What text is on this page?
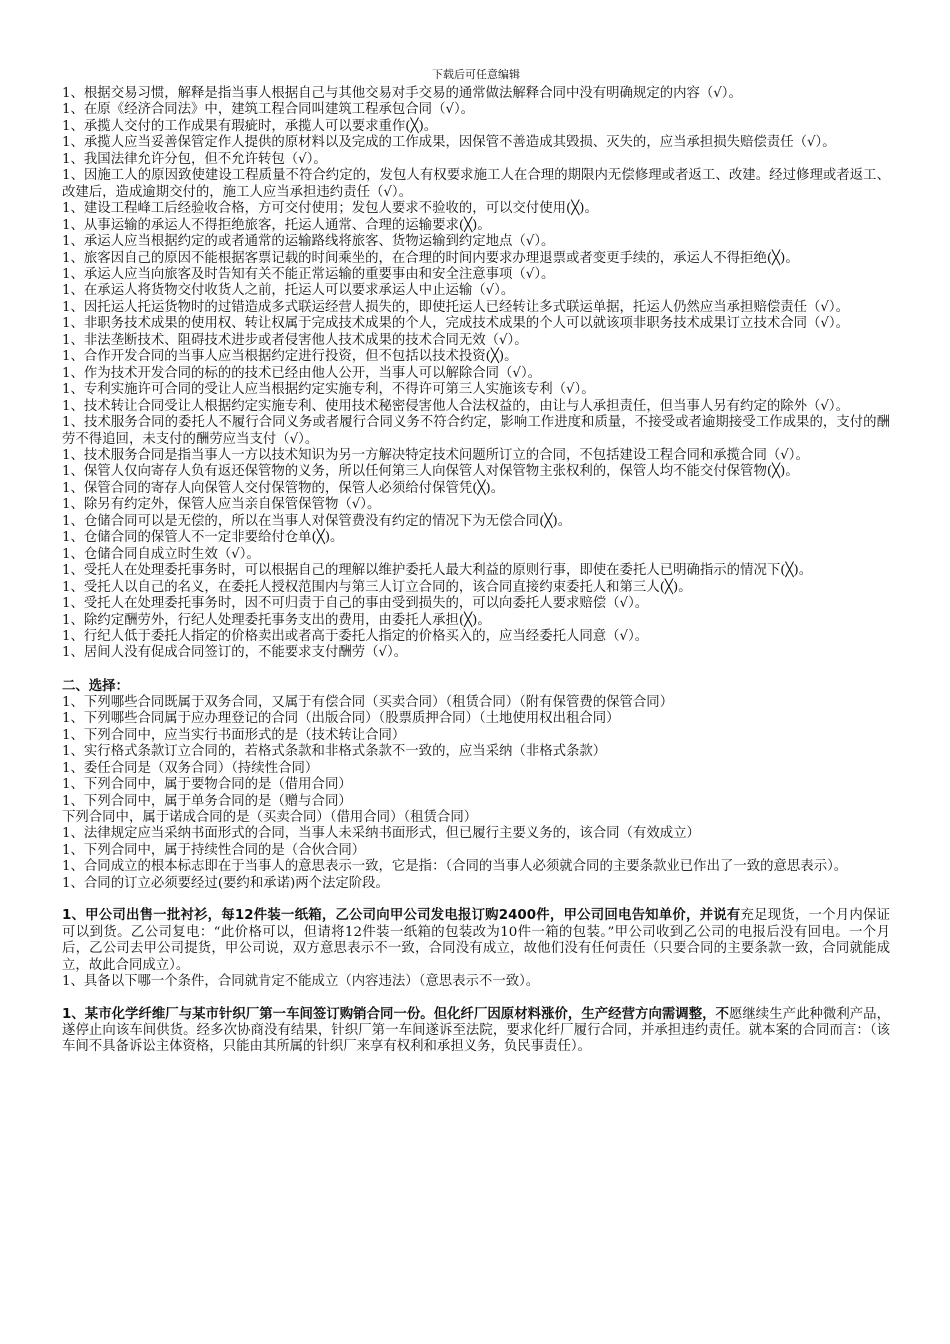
下载后可任意编辑

1、根据交易习惯，解释是指当事人根据自己与其他交易对手交易的通常做法解释合同中没有明确规定的内容（√）。

1、在原《经济合同法》中，建筑工程合同叫建筑工程承包合同（√）。

1、承揽人交付的工作成果有瑕疵时，承揽人可以要求重作(╳)。

1、承揽人应当妥善保管定作人提供的原材料以及完成的工作成果，因保管不善造成其毁损、灭失的，应当承担损失赔偿责任（√）。

1、我国法律允许分包，但不允许转包（√）。

1、因施工人的原因致使建设工程质量不符合约定的，发包人有权要求施工人在合理的期限内无偿修理或者返工、改建。经过修理或者返工、改建后，造成逾期交付的，施工人应当承担违约责任（√）。

1、建设工程峰工后经验收合格，方可交付使用；发包人要求不验收的，可以交付使用(╳)。

1、从事运输的承运人不得拒绝旅客，托运人通常、合理的运输要求(╳)。

1、承运人应当根据约定的或者通常的运输路线将旅客、货物运输到约定地点（√）。

1、旅客因自己的原因不能根据客票记载的时间乘坐的，在合理的时间内要求办理退票或者变更手续的，承运人不得拒绝(╳)。

1、承运人应当向旅客及时告知有关不能正常运输的重要事由和安全注意事项（√）。

1、在承运人将货物交付收货人之前，托运人可以要求承运人中止运输（√）。

1、因托运人托运货物时的过错造成多式联运经营人损失的，即使托运人已经转让多式联运单据，托运人仍然应当承担赔偿责任（√）。

1、非职务技术成果的使用权、转让权属于完成技术成果的个人，完成技术成果的个人可以就该项非职务技术成果订立技术合同（√）。

1、非法垄断技术、阻碍技术进步或者侵害他人技术成果的技术合同无效（√）。

1、合作开发合同的当事人应当根据约定进行投资，但不包括以技术投资(╳)。

1、作为技术开发合同的标的的技术已经由他人公开，当事人可以解除合同（√）。

1、专利实施许可合同的受让人应当根据约定实施专利，不得许可第三人实施该专利（√）。

1、技术转让合同受让人根据约定实施专利、使用技术秘密侵害他人合法权益的，由让与人承担责任，但当事人另有约定的除外（√）。

1、技术服务合同的委托人不履行合同义务或者履行合同义务不符合约定，影响工作进度和质量，不接受或者逾期接受工作成果的，支付的酬劳不得追回，未支付的酬劳应当支付（√）。

1、技术服务合同是指当事人一方以技术知识为另一方解决特定技术问题所订立的合同，不包括建设工程合同和承揽合同（√）。

1、保管人仅向寄存人负有返还保管物的义务，所以任何第三人向保管人对保管物主张权利的，保管人均不能交付保管物(╳)。

1、保管合同的寄存人向保管人交付保管物的，保管人必须给付保管凭(╳)。

1、除另有约定外，保管人应当亲自保管保管物（√）。

1、仓储合同可以是无偿的，所以在当事人对保管费没有约定的情况下为无偿合同(╳)。

1、仓储合同的保管人不一定非要给付仓单(╳)。

1、仓储合同自成立时生效（√）。

1、受托人在处理委托事务时，可以根据自己的理解以维护委托人最大利益的原则行事，即使在委托人已明确指示的情况下(╳)。

1、受托人以自己的名义，在委托人授权范围内与第三人订立合同的，该合同直接约束委托人和第三人(╳)。

1、受托人在处理委托事务时，因不可归责于自己的事由受到损失的，可以向委托人要求赔偿（√）。

1、除约定酬劳外，行纪人处理委托事务支出的费用，由委托人承担(╳)。

1、行纪人低于委托人指定的价格卖出或者高于委托人指定的价格买入的，应当经委托人同意（√）。

1、居间人没有促成合同签订的，不能要求支付酬劳（√）。

二、选择：

1、下列哪些合同既属于双务合同，又属于有偿合同（买卖合同）（租赁合同）（附有保管费的保管合同）

1、下列哪些合同属于应办理登记的合同（出版合同）（股票质押合同）（土地使用权出租合同）

1、下列合同中，应当实行书面形式的是（技术转让合同）

1、实行格式条款订立合同的，若格式条款和非格式条款不一致的，应当采纳（非格式条款）

1、委任合同是（双务合同）（持续性合同）

1、下列合同中，属于要物合同的是（借用合同）

1、下列合同中，属于单务合同的是（赠与合同）

下列合同中，属于诺成合同的是（买卖合同）（借用合同）（租赁合同）

1、法律规定应当采纳书面形式的合同，当事人未采纳书面形式，但已履行主要义务的，该合同（有效成立）

1、下列合同中，属于持续性合同的是（合伙合同）

1、合同成立的根本标志即在于当事人的意思表示一致，它是指：（合同的当事人必须就合同的主要条款业已作出了一致的意思表示）。

1、合同的订立必须要经过(要约和承诺)两个法定阶段。

1、甲公司出售一批衬衫，每12件装一纸箱，乙公司向甲公司发电报订购2400件，甲公司回电告知单价，并说有充足现货，一个月内保证可以到货。乙公司复电：“此价格可以，但请将12件装一纸箱的包装改为10件一箱的包装。”甲公司收到乙公司的电报后没有回电。一个月后，乙公司去甲公司提货，甲公司说，双方意思表示不一致，合同没有成立，故他们没有任何责任（只要合同的主要条款一致，合同就能成立，故此合同成立）。

1、具备以下哪一个条件，合同就肯定不能成立（内容违法）（意思表示不一致）。

1、某市化学纤维厂与某市针织厂第一车间签订购销合同一份。但化纤厂因原材料涨价，生产经营方向需调整，不愿继续生产此种微利产品，遂停止向该车间供货。经多次协商没有结果，针织厂第一车间遂诉至法院，要求化纤厂履行合同，并承担违约责任。就本案的合同而言：（该车间不具备诉讼主体资格，只能由其所属的针织厂来享有权利和承担义务，负民事责任）。
